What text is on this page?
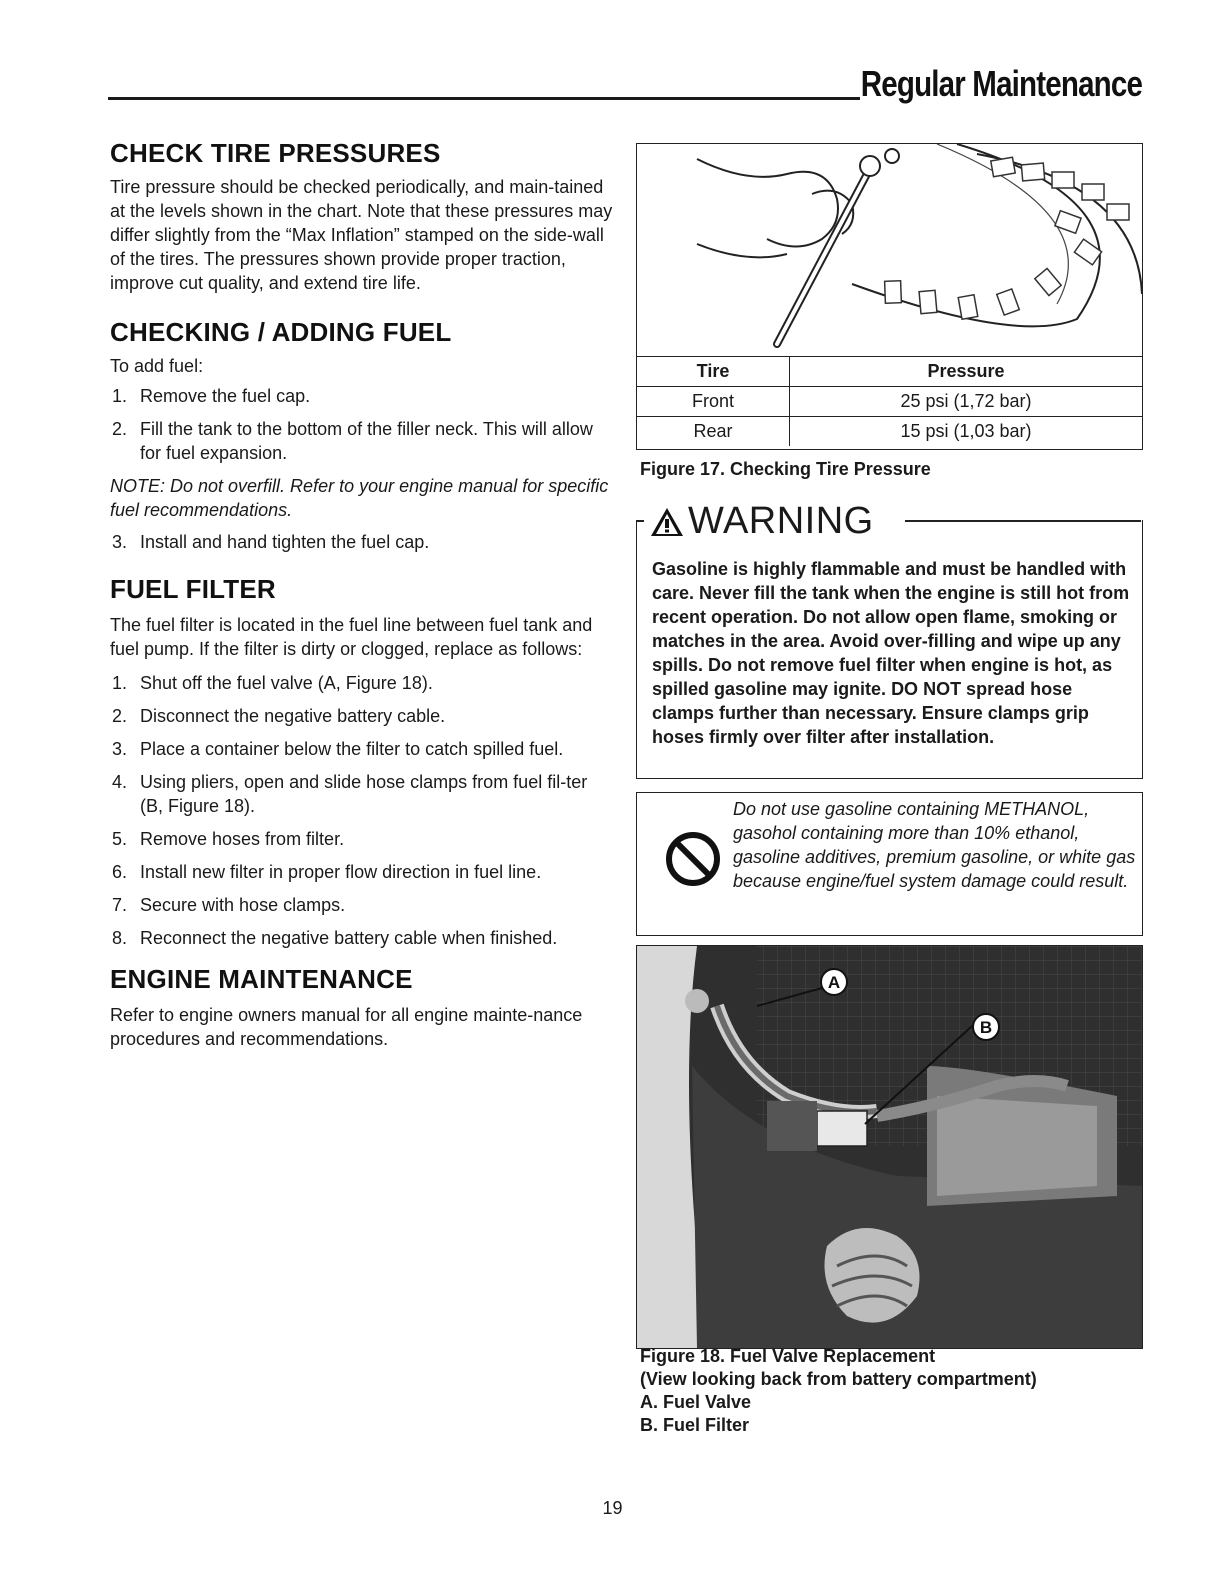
Regular Maintenance
CHECK TIRE PRESSURES

Tire pressure should be checked periodically, and main-tained at the levels shown in the chart. Note that these pressures may differ slightly from the “Max Inflation” stamped on the side-wall of the tires. The pressures shown provide proper traction, improve cut quality, and extend tire life.

CHECKING / ADDING FUEL

To add fuel:

1. Remove the fuel cap.
2. Fill the tank to the bottom of the filler neck. This will allow for fuel expansion.
NOTE: Do not overfill. Refer to your engine manual for specific fuel recommendations.
3. Install and hand tighten the fuel cap.
FUEL FILTER

The fuel filter is located in the fuel line between fuel tank and fuel pump. If the filter is dirty or clogged, replace as follows:

1. Shut off the fuel valve (A, Figure 18).
2. Disconnect the negative battery cable.
3. Place a container below the filter to catch spilled fuel.
4. Using pliers, open and slide hose clamps from fuel fil-ter (B, Figure 18).
5. Remove hoses from filter.
6. Install new filter in proper flow direction in fuel line.
7. Secure with hose clamps.
8. Reconnect the negative battery cable when finished.
ENGINE MAINTENANCE

Refer to engine owners manual for all engine mainte-nance procedures and recommendations.

Tire	Pressure
Front	25 psi (1,72 bar)
Rear	15 psi (1,03 bar)
Figure 17. Checking Tire Pressure
WARNING
Gasoline is highly flammable and must be handled with care. Never fill the tank when the engine is still hot from recent operation. Do not allow open flame, smoking or matches in the area. Avoid over-filling and wipe up any spills. Do not remove fuel filter when engine is hot, as spilled gasoline may ignite. DO NOT spread hose clamps further than necessary. Ensure clamps grip hoses firmly over filter after installation.
Do not use gasoline containing METHANOL, gasohol containing more than 10% ethanol, gasoline additives, premium gasoline, or white gas because engine/fuel system damage could result.
A
B
Figure 18. Fuel Valve Replacement
(View looking back from battery compartment)
A. Fuel Valve
B. Fuel Filter
19
